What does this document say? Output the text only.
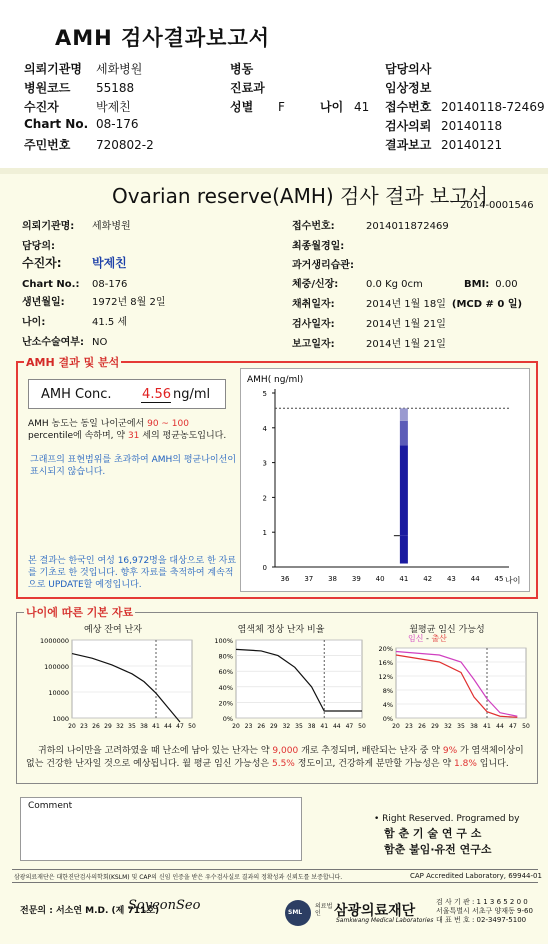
AMH 검사결과보고서
의뢰기관명 세화병원
병원코드 55188
수진자	박제친
Chart No. 08-176
주민번호 720802-2
병동
진료과
성별 F	나이 41
담당의사
임상정보
접수번호 20140118-72469
검사의뢰 20140118
결과보고 20140121
Ovarian reserve(AMH) 검사 결과 보고서
2014-0001546
의뢰기관명: 세화병원
담당의:
수진자:	박제친
Chart No.: 08-176
생년월일:	1972년 8월 2일
나이:	41.5 세
난소수술여부: NO
접수번호:	2014011872469
최종월경일:
과거생리습관:
체중/신장:	0.0 Kg 0cm	BMI: 0.00
채취일자:	2014년 1월 18일 (MCD # 0 일)
검사일자:	2014년 1월 21일
보고일자:	2014년 1월 21일
AMH 결과 및 분석
AMH Conc. 4.56 ng/ml
AMH 농도는 동일 나이군에서 90 ~ 100 percentile에 속하며, 약 31 세의 평균농도입니다.
그래프의 표현범위를 초과하여 AMH의 평균나이선이 표시되지 않습니다.
본 결과는 한국인 여성 16,972명을 대상으로 한 자료를 기초로 한 것입니다. 향후 자료를 축적하여 계속적으로 UPDATE할 예정입니다.
AMH( ng/ml)
0
1
2
3
4
5
36 37 38 39 40 41 42 43 44 45 나이
나이에 따른 기본 자료
예상 잔여 난자	염색체 정상 난자 비율	월평균 임신 가능성
임신 - 출산
1000000
100000
10000
1000
20 23 26 29 32 35 38 41 44 47 50
100%
80%
60%
40%
20%
0%
20 23 26 29 32 35 38 41 44 47 50
20%
16%
12%
8%
4%
0%
20 23 26 29 32 35 38 41 44 47 50
귀하의 나이만을 고려하였을 때 난소에 남아 있는 난자는 약 9,000 개로 추정되며, 배란되는 난자 중 약 9% 가 염색체이상이 없는 건강한 난자일 것으로 예상됩니다. 월 평균 임신 가능성은 5.5% 정도이고, 건강하게 분만할 가능성은 약 1.8% 입니다.
Comment
• Right Reserved. Programed by
함 춘 기 술 연 구 소
함춘 불임·유전 연구소
삼광의료재단은 대한진단검사의학회(KSLM) 및 CAP의 신임 인증을 받은 우수검사실로 결과의 정확성과 신뢰도를 보증합니다.	CAP Accredited Laboratory, 69944-01
전문의 : 서소연 M.D. (제 711호)
SoyeonSeo	SML
의료법인 삼광의료재단
Samkwang Medical Laboratories
검 사 기 관 : 1 1 3 6 5 2 0 0
서울특별시 서초구 양재동 9-60
대 표 번 호 : 02-3497-5100
